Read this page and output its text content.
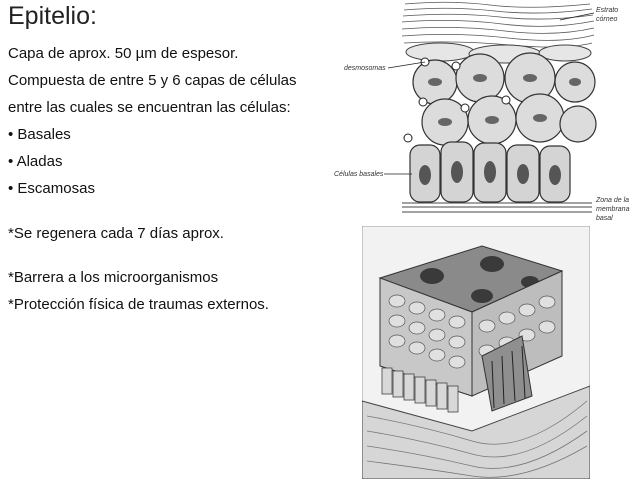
Epitelio:
Capa de aprox. 50 µm de espesor.
Compuesta de entre 5 y 6 capas de células
entre las cuales se encuentran las células:
• Basales
• Aladas
• Escamosas
*Se regenera cada 7 días aprox.
*Barrera a los microorganismos
*Protección física de traumas externos.
Estrato
córneo
desmosomas
Células basales
Zona de la
membrana
basal
